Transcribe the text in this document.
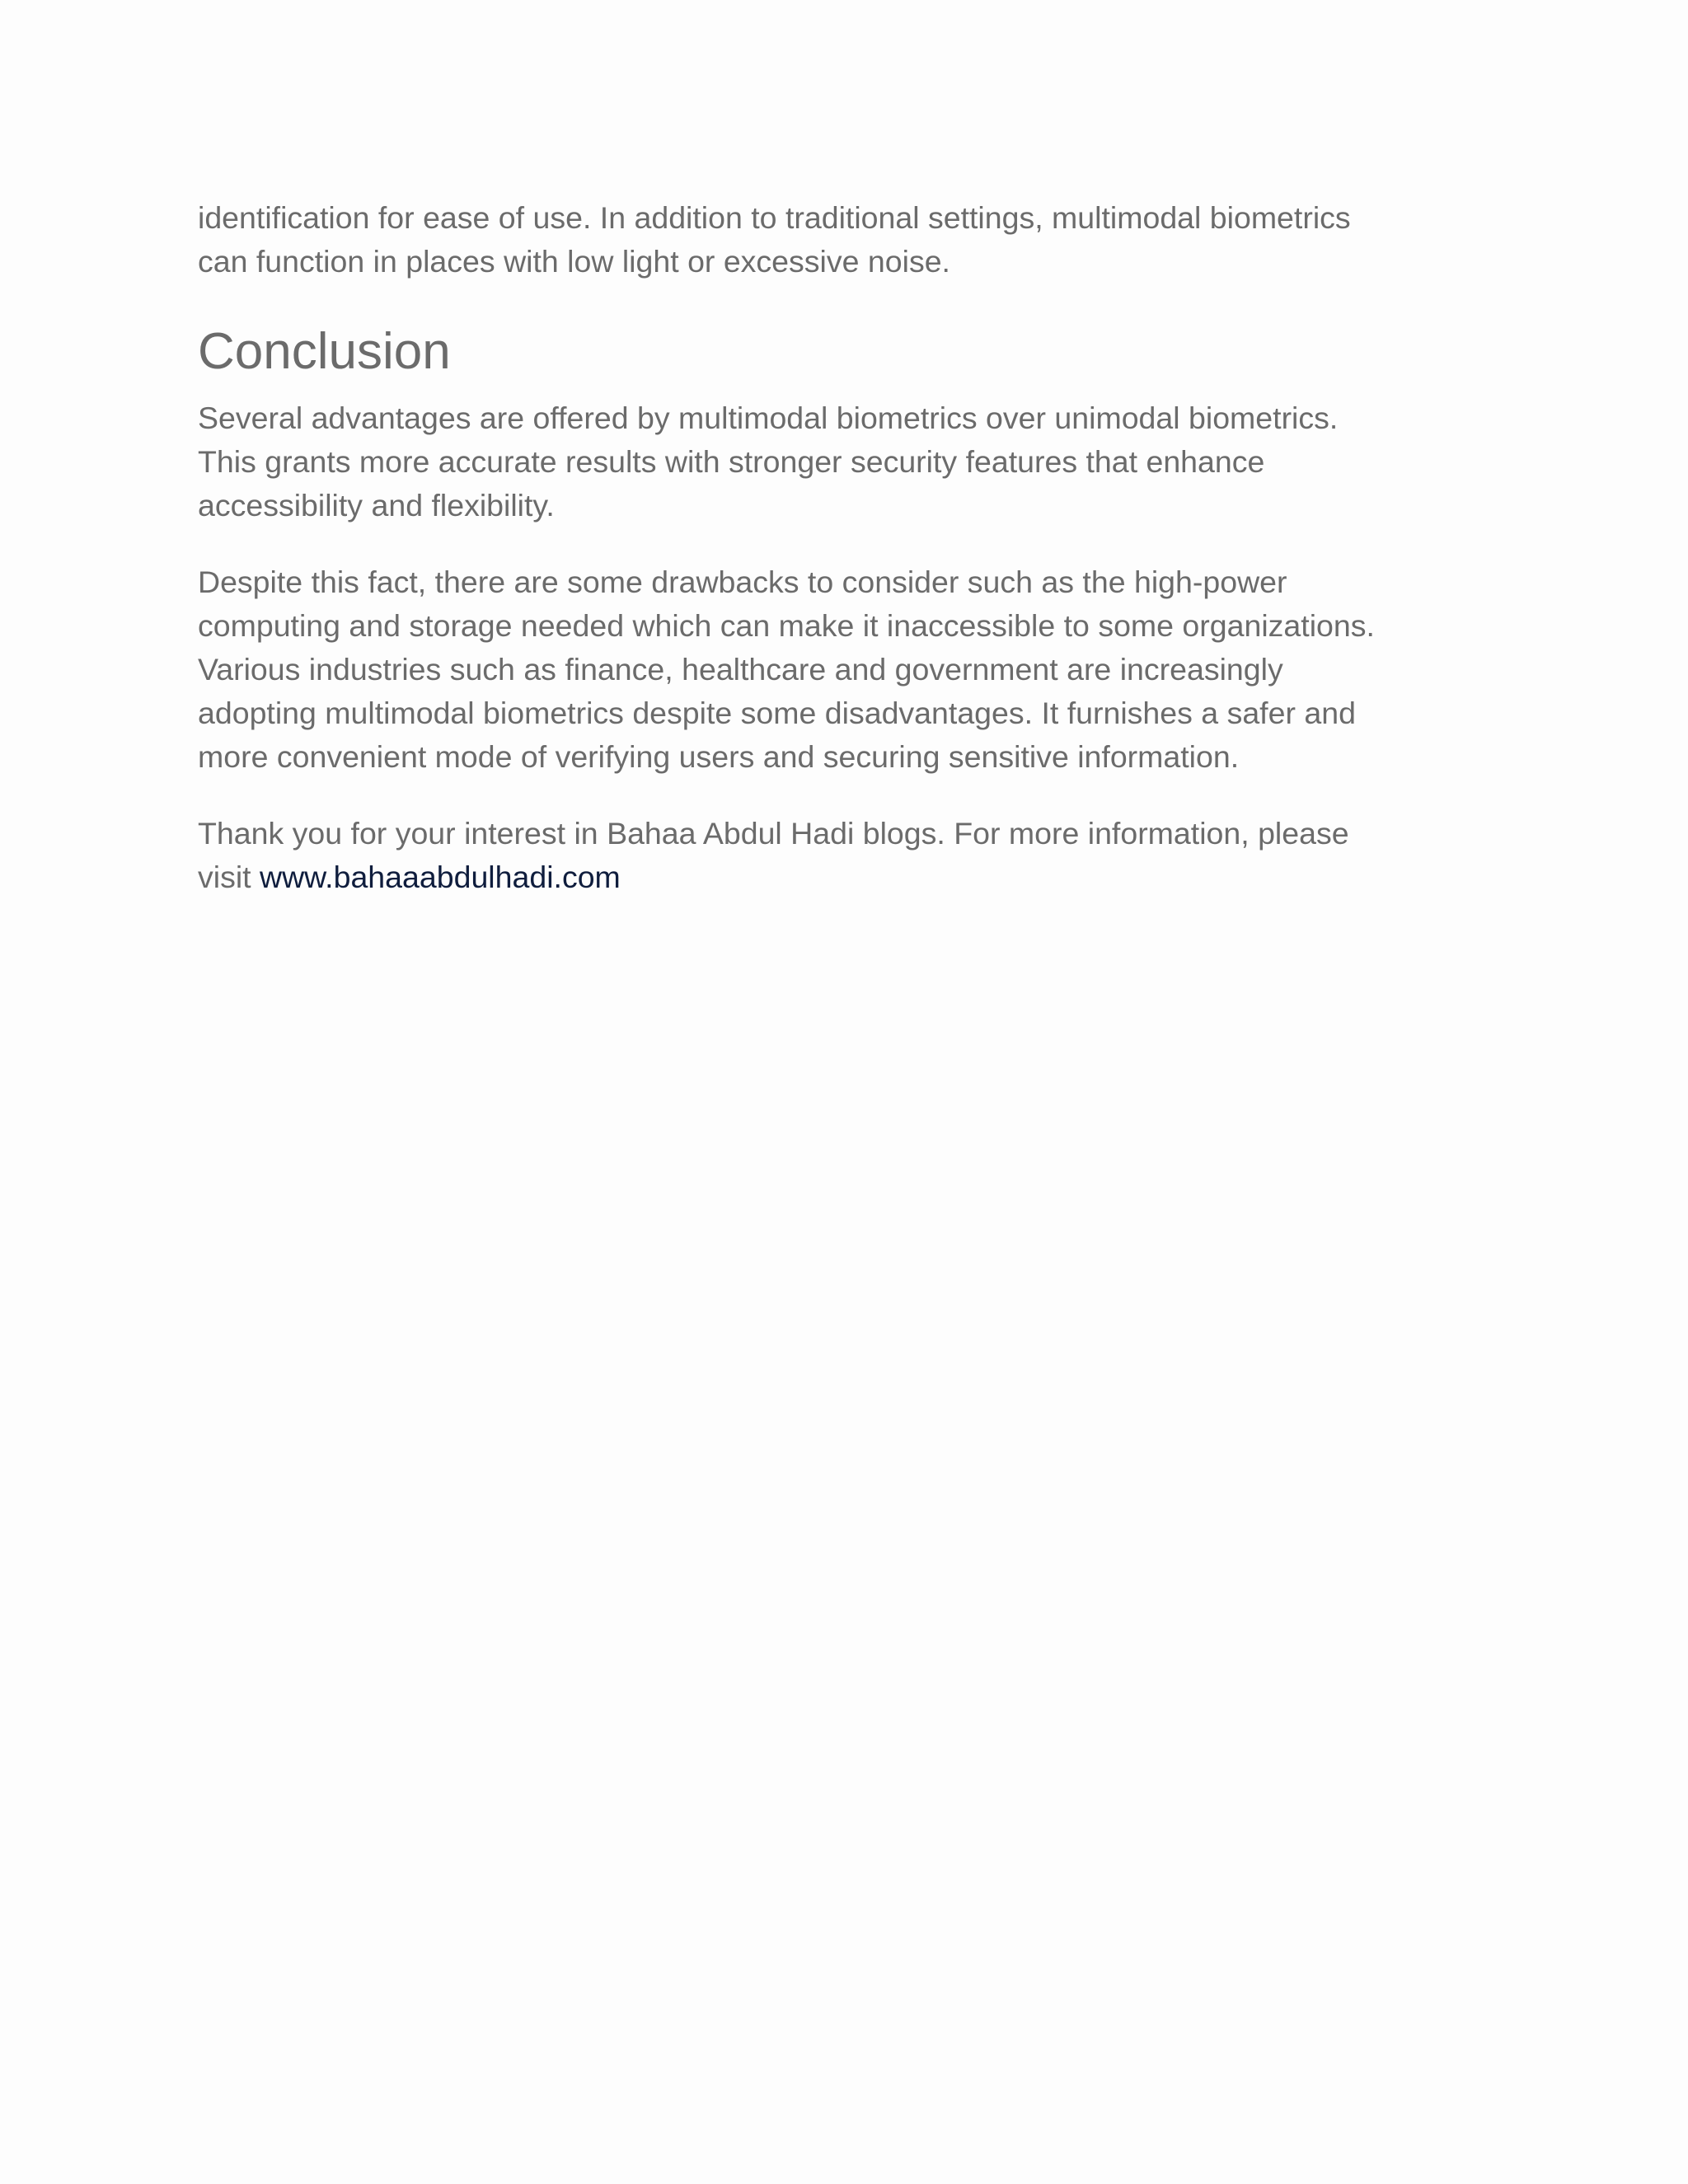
identification for ease of use. In addition to traditional settings, multimodal biometrics
can function in places with low light or excessive noise.

Conclusion

Several advantages are offered by multimodal biometrics over unimodal biometrics.
This grants more accurate results with stronger security features that enhance
accessibility and flexibility.

Despite this fact, there are some drawbacks to consider such as the high-power
computing and storage needed which can make it inaccessible to some organizations.
Various industries such as finance, healthcare and government are increasingly
adopting multimodal biometrics despite some disadvantages. It furnishes a safer and
more convenient mode of verifying users and securing sensitive information.

Thank you for your interest in Bahaa Abdul Hadi blogs. For more information, please
visit www.bahaaabdulhadi.com
